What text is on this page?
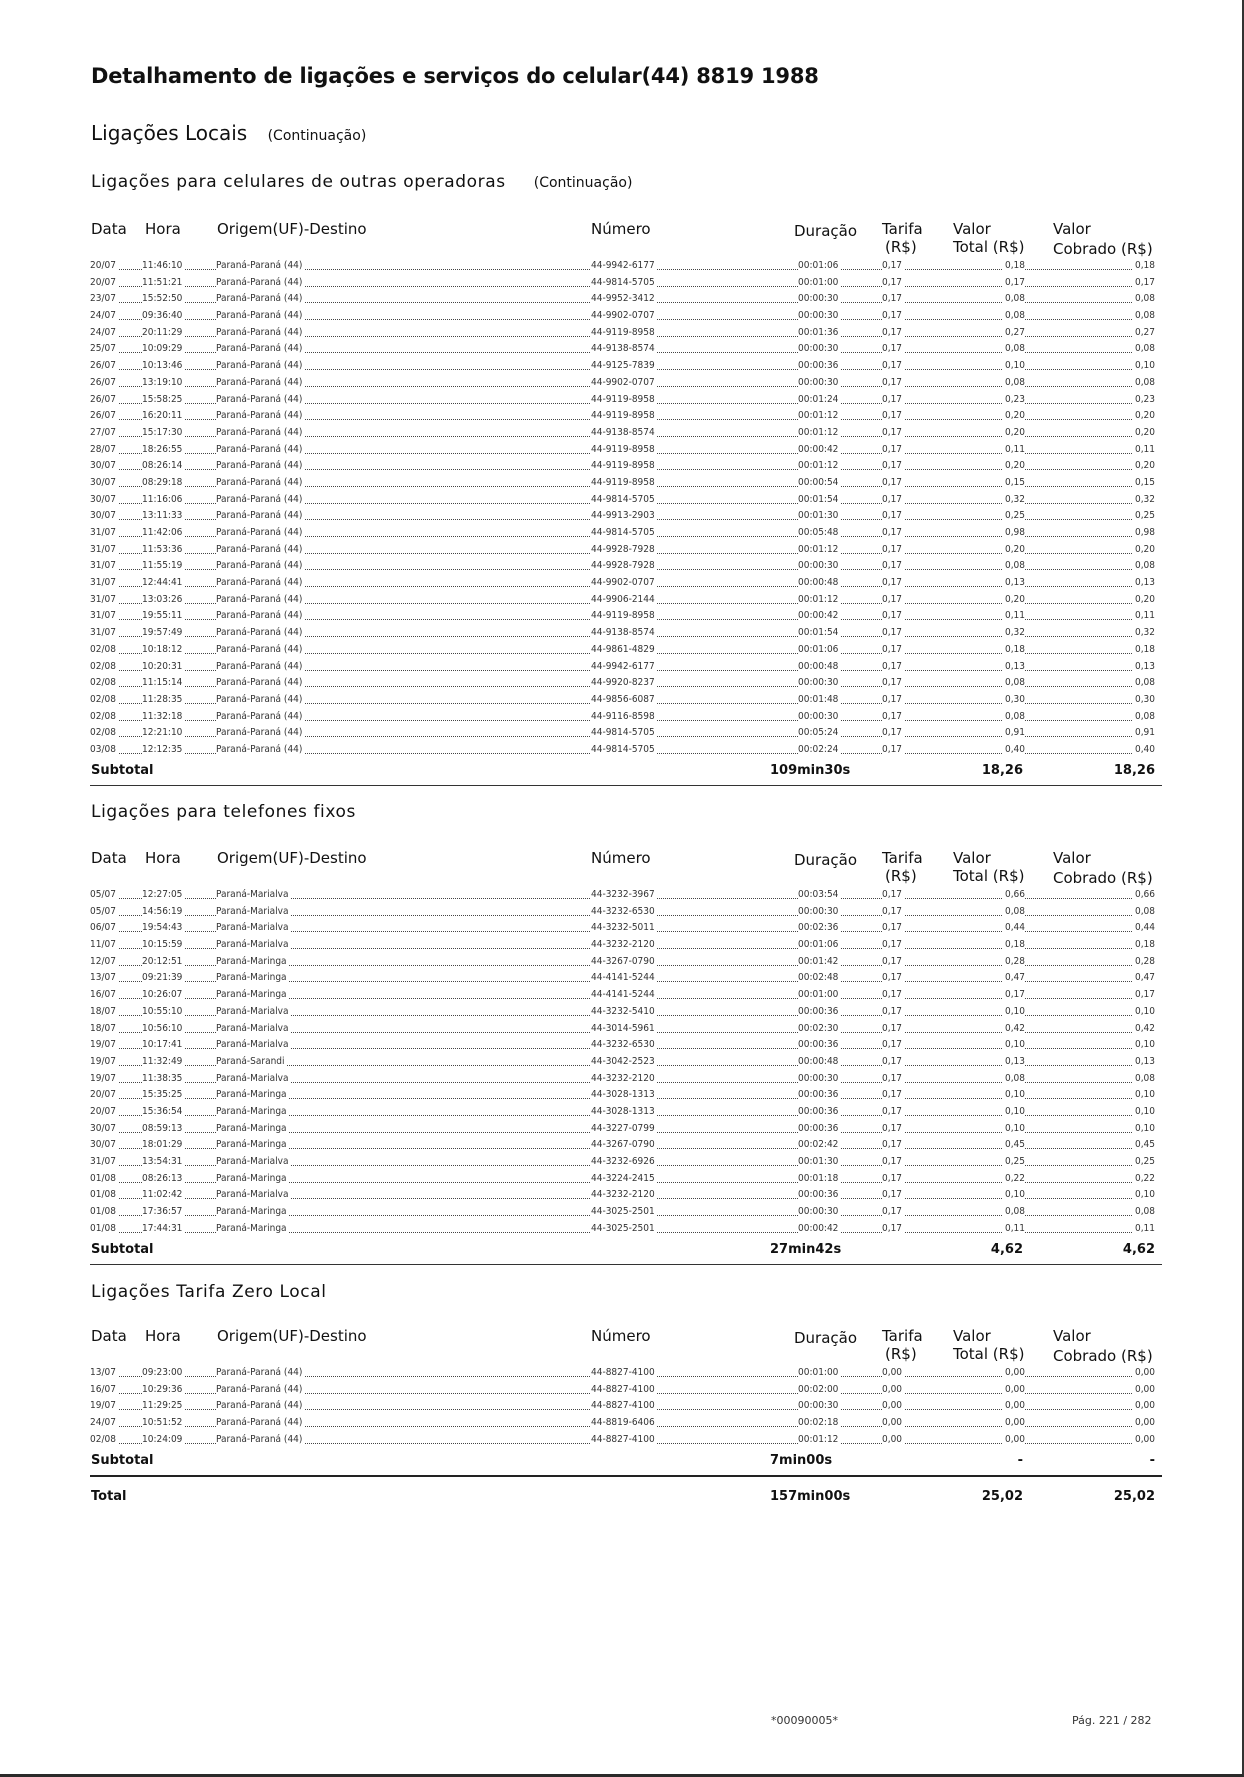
Detalhamento de ligações e serviços do celular(44) 8819 1988
Ligações Locais (Continuação)
Ligações para celulares de outras operadoras (Continuação)
Data Hora Origem(UF)-Destino	Número	Duração Tarifa
(R$)
Valor
Total (R$)
Valor
Cobrado (R$)
20/07	11:46:10	Paraná-Paraná (44)	44-9942-6177	00:01:06	0,17	0,18	0,18
20/07	11:51:21	Paraná-Paraná (44)	44-9814-5705	00:01:00	0,17	0,17	0,17
23/07	15:52:50	Paraná-Paraná (44)	44-9952-3412	00:00:30	0,17	0,08	0,08
24/07	09:36:40	Paraná-Paraná (44)	44-9902-0707	00:00:30	0,17	0,08	0,08
24/07	20:11:29	Paraná-Paraná (44)	44-9119-8958	00:01:36	0,17	0,27	0,27
25/07	10:09:29	Paraná-Paraná (44)	44-9138-8574	00:00:30	0,17	0,08	0,08
26/07	10:13:46	Paraná-Paraná (44)	44-9125-7839	00:00:36	0,17	0,10	0,10
26/07	13:19:10	Paraná-Paraná (44)	44-9902-0707	00:00:30	0,17	0,08	0,08
26/07	15:58:25	Paraná-Paraná (44)	44-9119-8958	00:01:24	0,17	0,23	0,23
26/07	16:20:11	Paraná-Paraná (44)	44-9119-8958	00:01:12	0,17	0,20	0,20
27/07	15:17:30	Paraná-Paraná (44)	44-9138-8574	00:01:12	0,17	0,20	0,20
28/07	18:26:55	Paraná-Paraná (44)	44-9119-8958	00:00:42	0,17	0,11	0,11
30/07	08:26:14	Paraná-Paraná (44)	44-9119-8958	00:01:12	0,17	0,20	0,20
30/07	08:29:18	Paraná-Paraná (44)	44-9119-8958	00:00:54	0,17	0,15	0,15
30/07	11:16:06	Paraná-Paraná (44)	44-9814-5705	00:01:54	0,17	0,32	0,32
30/07	13:11:33	Paraná-Paraná (44)	44-9913-2903	00:01:30	0,17	0,25	0,25
31/07	11:42:06	Paraná-Paraná (44)	44-9814-5705	00:05:48	0,17	0,98	0,98
31/07	11:53:36	Paraná-Paraná (44)	44-9928-7928	00:01:12	0,17	0,20	0,20
31/07	11:55:19	Paraná-Paraná (44)	44-9928-7928	00:00:30	0,17	0,08	0,08
31/07	12:44:41	Paraná-Paraná (44)	44-9902-0707	00:00:48	0,17	0,13	0,13
31/07	13:03:26	Paraná-Paraná (44)	44-9906-2144	00:01:12	0,17	0,20	0,20
31/07	19:55:11	Paraná-Paraná (44)	44-9119-8958	00:00:42	0,17	0,11	0,11
31/07	19:57:49	Paraná-Paraná (44)	44-9138-8574	00:01:54	0,17	0,32	0,32
02/08	10:18:12	Paraná-Paraná (44)	44-9861-4829	00:01:06	0,17	0,18	0,18
02/08	10:20:31	Paraná-Paraná (44)	44-9942-6177	00:00:48	0,17	0,13	0,13
02/08	11:15:14	Paraná-Paraná (44)	44-9920-8237	00:00:30	0,17	0,08	0,08
02/08	11:28:35	Paraná-Paraná (44)	44-9856-6087	00:01:48	0,17	0,30	0,30
02/08	11:32:18	Paraná-Paraná (44)	44-9116-8598	00:00:30	0,17	0,08	0,08
02/08	12:21:10	Paraná-Paraná (44)	44-9814-5705	00:05:24	0,17	0,91	0,91
03/08	12:12:35	Paraná-Paraná (44)	44-9814-5705	00:02:24	0,17	0,40	0,40
Subtotal	109min30s	18,26	18,26
Ligações para telefones fixos
Data Hora Origem(UF)-Destino	Número	Duração Tarifa
(R$)
Valor
Total (R$)
Valor
Cobrado (R$)
05/07	12:27:05	Paraná-Marialva	44-3232-3967	00:03:54	0,17	0,66	0,66
05/07	14:56:19	Paraná-Marialva	44-3232-6530	00:00:30	0,17	0,08	0,08
06/07	19:54:43	Paraná-Marialva	44-3232-5011	00:02:36	0,17	0,44	0,44
11/07	10:15:59	Paraná-Marialva	44-3232-2120	00:01:06	0,17	0,18	0,18
12/07	20:12:51	Paraná-Maringa	44-3267-0790	00:01:42	0,17	0,28	0,28
13/07	09:21:39	Paraná-Maringa	44-4141-5244	00:02:48	0,17	0,47	0,47
16/07	10:26:07	Paraná-Maringa	44-4141-5244	00:01:00	0,17	0,17	0,17
18/07	10:55:10	Paraná-Marialva	44-3232-5410	00:00:36	0,17	0,10	0,10
18/07	10:56:10	Paraná-Marialva	44-3014-5961	00:02:30	0,17	0,42	0,42
19/07	10:17:41	Paraná-Marialva	44-3232-6530	00:00:36	0,17	0,10	0,10
19/07	11:32:49	Paraná-Sarandi	44-3042-2523	00:00:48	0,17	0,13	0,13
19/07	11:38:35	Paraná-Marialva	44-3232-2120	00:00:30	0,17	0,08	0,08
20/07	15:35:25	Paraná-Maringa	44-3028-1313	00:00:36	0,17	0,10	0,10
20/07	15:36:54	Paraná-Maringa	44-3028-1313	00:00:36	0,17	0,10	0,10
30/07	08:59:13	Paraná-Maringa	44-3227-0799	00:00:36	0,17	0,10	0,10
30/07	18:01:29	Paraná-Maringa	44-3267-0790	00:02:42	0,17	0,45	0,45
31/07	13:54:31	Paraná-Marialva	44-3232-6926	00:01:30	0,17	0,25	0,25
01/08	08:26:13	Paraná-Maringa	44-3224-2415	00:01:18	0,17	0,22	0,22
01/08	11:02:42	Paraná-Marialva	44-3232-2120	00:00:36	0,17	0,10	0,10
01/08	17:36:57	Paraná-Maringa	44-3025-2501	00:00:30	0,17	0,08	0,08
01/08	17:44:31	Paraná-Maringa	44-3025-2501	00:00:42	0,17	0,11	0,11
Subtotal	27min42s	4,62	4,62
Ligações Tarifa Zero Local
Data Hora Origem(UF)-Destino	Número	Duração Tarifa
(R$)
Valor
Total (R$)
Valor
Cobrado (R$)
13/07	09:23:00	Paraná-Paraná (44)	44-8827-4100	00:01:00	0,00	0,00	0,00
16/07	10:29:36	Paraná-Paraná (44)	44-8827-4100	00:02:00	0,00	0,00	0,00
19/07	11:29:25	Paraná-Paraná (44)	44-8827-4100	00:00:30	0,00	0,00	0,00
24/07	10:51:52	Paraná-Paraná (44)	44-8819-6406	00:02:18	0,00	0,00	0,00
02/08	10:24:09	Paraná-Paraná (44)	44-8827-4100	00:01:12	0,00	0,00	0,00
Subtotal	7min00s	-	-
Total	157min00s	25,02	25,02
*00090005*	Pág. 221 / 282
